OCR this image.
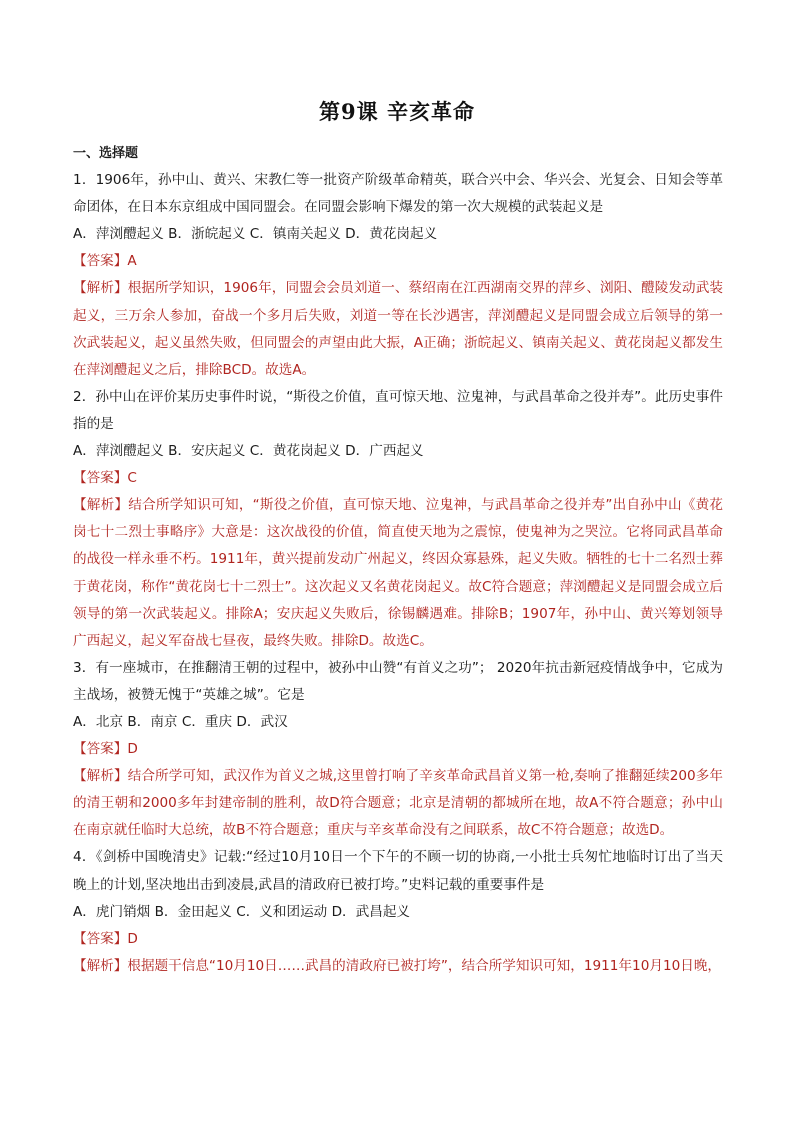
第9课 辛亥革命

一、选择题

1．1906年，孙中山、黄兴、宋教仁等一批资产阶级革命精英，联合兴中会、华兴会、光复会、日知会等革命团体，在日本东京组成中国同盟会。在同盟会影响下爆发的第一次大规模的武装起义是

A．萍浏醴起义 B．浙皖起义 C．镇南关起义 D．黄花岗起义

【答案】A

【解析】根据所学知识，1906年，同盟会会员刘道一、蔡绍南在江西湖南交界的萍乡、浏阳、醴陵发动武装起义，三万余人参加，奋战一个多月后失败，刘道一等在长沙遇害，萍浏醴起义是同盟会成立后领导的第一次武装起义，起义虽然失败，但同盟会的声望由此大振，A正确；浙皖起义、镇南关起义、黄花岗起义都发生在萍浏醴起义之后，排除BCD。故选A。

2．孙中山在评价某历史事件时说，“斯役之价值，直可惊天地、泣鬼神，与武昌革命之役并寿”。此历史事件指的是

A．萍浏醴起义 B．安庆起义 C．黄花岗起义 D．广西起义

【答案】C

【解析】结合所学知识可知，“斯役之价值，直可惊天地、泣鬼神，与武昌革命之役并寿”出自孙中山《黄花岗七十二烈士事略序》大意是：这次战役的价值，简直使天地为之震惊，使鬼神为之哭泣。它将同武昌革命的战役一样永垂不朽。1911年，黄兴提前发动广州起义，终因众寡悬殊，起义失败。牺牲的七十二名烈士葬于黄花岗，称作“黄花岗七十二烈士”。这次起义又名黄花岗起义。故C符合题意；萍浏醴起义是同盟会成立后领导的第一次武装起义。排除A；安庆起义失败后，徐锡麟遇难。排除B；1907年，孙中山、黄兴筹划领导广西起义，起义军奋战七昼夜，最终失败。排除D。故选C。

3．有一座城市，在推翻清王朝的过程中，被孙中山赞“有首义之功”； 2020年抗击新冠疫情战争中，它成为主战场，被赞无愧于“英雄之城”。它是

A．北京 B．南京 C．重庆 D．武汉

【答案】D

【解析】结合所学可知，武汉作为首义之城,这里曾打响了辛亥革命武昌首义第一枪,奏响了推翻延续200多年的清王朝和2000多年封建帝制的胜利，故D符合题意；北京是清朝的都城所在地，故A不符合题意；孙中山在南京就任临时大总统，故B不符合题意；重庆与辛亥革命没有之间联系，故C不符合题意；故选D。

4．《剑桥中国晚清史》记载:“经过10月10日一个下午的不顾一切的协商,一小批士兵匆忙地临时订出了当天晚上的计划,坚决地出击到凌晨,武昌的清政府已被打垮。”史料记载的重要事件是

A．虎门销烟 B．金田起义 C．义和团运动 D．武昌起义

【答案】D

【解析】根据题干信息“10月10日……武昌的清政府已被打垮”，结合所学知识可知，1911年10月10日晚，
